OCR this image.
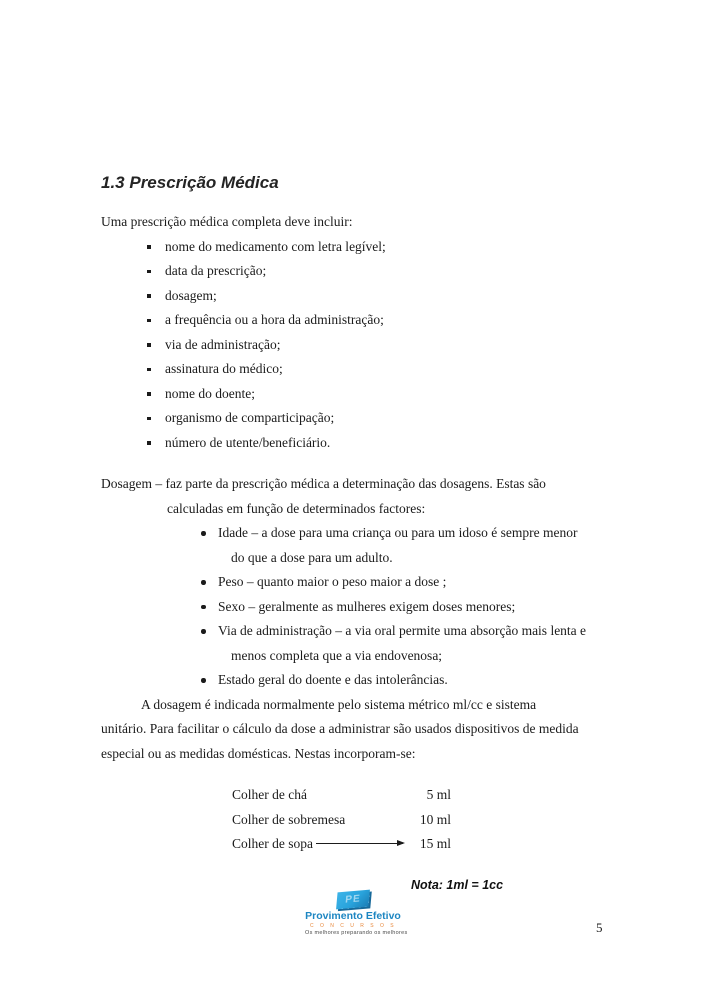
1.3 Prescrição Médica

Uma prescrição médica completa deve incluir:

nome do medicamento com letra legível;
data da prescrição;
dosagem;
a frequência ou a hora da administração;
via de administração;
assinatura do médico;
nome do doente;
organismo de comparticipação;
número de utente/beneficiário.
Dosagem – faz parte da prescrição médica a determinação das dosagens. Estas são
calculadas em função de determinados factores:
Idade – a dose para uma criança ou para um idoso é sempre menor
do que a dose para um adulto.
Peso – quanto maior o peso maior a dose ;
Sexo – geralmente as mulheres exigem doses menores;
Via de administração – a via oral permite uma absorção mais lenta e
menos completa que a via endovenosa;
Estado geral do doente e das intolerâncias.
A dosagem é indicada normalmente pelo sistema métrico ml/cc e sistema
unitário. Para facilitar o cálculo da dose a administrar são usados dispositivos de medida
especial ou as medidas domésticas. Nestas incorporam-se:
Colher de chá	5 ml
Colher de sobremesa	10 ml
Colher de sopa	15 ml
Nota: 1ml = 1cc
PE
Provimento Efetivo
C O N C U R S O S
Os melhores preparando os melhores	5
